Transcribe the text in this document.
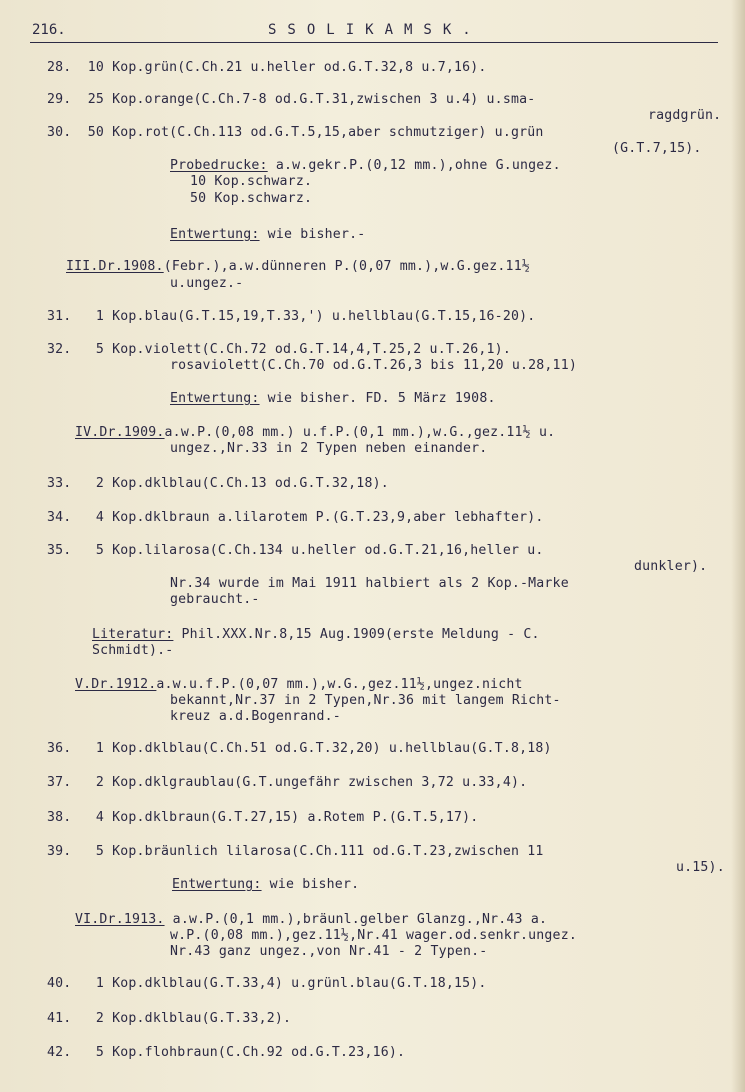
216.	SSOLIKAMSK.
28.  10 Kop.grün(C.Ch.21 u.heller od.G.T.32,8 u.7,16).
29.  25 Kop.orange(C.Ch.7-8 od.G.T.31,zwischen 3 u.4) u.sma-
ragdgrün.
30.  50 Kop.rot(C.Ch.113 od.G.T.5,15,aber schmutziger) u.grün
(G.T.7,15).
Probedrucke: a.w.gekr.P.(0,12 mm.),ohne G.ungez.
10 Kop.schwarz.
50 Kop.schwarz.
Entwertung: wie bisher.-
III.Dr.1908.(Febr.),a.w.dünneren P.(0,07 mm.),w.G.gez.11½
u.ungez.-
31.   1 Kop.blau(G.T.15,19,T.33,') u.hellblau(G.T.15,16-20).
32.   5 Kop.violett(C.Ch.72 od.G.T.14,4,T.25,2 u.T.26,1).
rosaviolett(C.Ch.70 od.G.T.26,3 bis 11,20 u.28,11)
Entwertung: wie bisher. FD. 5 März 1908.
IV.Dr.1909.a.w.P.(0,08 mm.) u.f.P.(0,1 mm.),w.G.,gez.11½ u.
ungez.,Nr.33 in 2 Typen neben einander.
33.   2 Kop.dklblau(C.Ch.13 od.G.T.32,18).
34.   4 Kop.dklbraun a.lilarotem P.(G.T.23,9,aber lebhafter).
35.   5 Kop.lilarosa(C.Ch.134 u.heller od.G.T.21,16,heller u.
dunkler).
Nr.34 wurde im Mai 1911 halbiert als 2 Kop.-Marke
gebraucht.-
Literatur: Phil.XXX.Nr.8,15 Aug.1909(erste Meldung - C.
Schmidt).-
V.Dr.1912.a.w.u.f.P.(0,07 mm.),w.G.,gez.11½,ungez.nicht
bekannt,Nr.37 in 2 Typen,Nr.36 mit langem Richt-
kreuz a.d.Bogenrand.-
36.   1 Kop.dklblau(C.Ch.51 od.G.T.32,20) u.hellblau(G.T.8,18)
37.   2 Kop.dklgraublau(G.T.ungefähr zwischen 3,72 u.33,4).
38.   4 Kop.dklbraun(G.T.27,15) a.Rotem P.(G.T.5,17).
39.   5 Kop.bräunlich lilarosa(C.Ch.111 od.G.T.23,zwischen 11
u.15).
Entwertung: wie bisher.
VI.Dr.1913. a.w.P.(0,1 mm.),bräunl.gelber Glanzg.,Nr.43 a.
w.P.(0,08 mm.),gez.11½,Nr.41 wager.od.senkr.ungez.
Nr.43 ganz ungez.,von Nr.41 - 2 Typen.-
40.   1 Kop.dklblau(G.T.33,4) u.grünl.blau(G.T.18,15).
41.   2 Kop.dklblau(G.T.33,2).
42.   5 Kop.flohbraun(C.Ch.92 od.G.T.23,16).
